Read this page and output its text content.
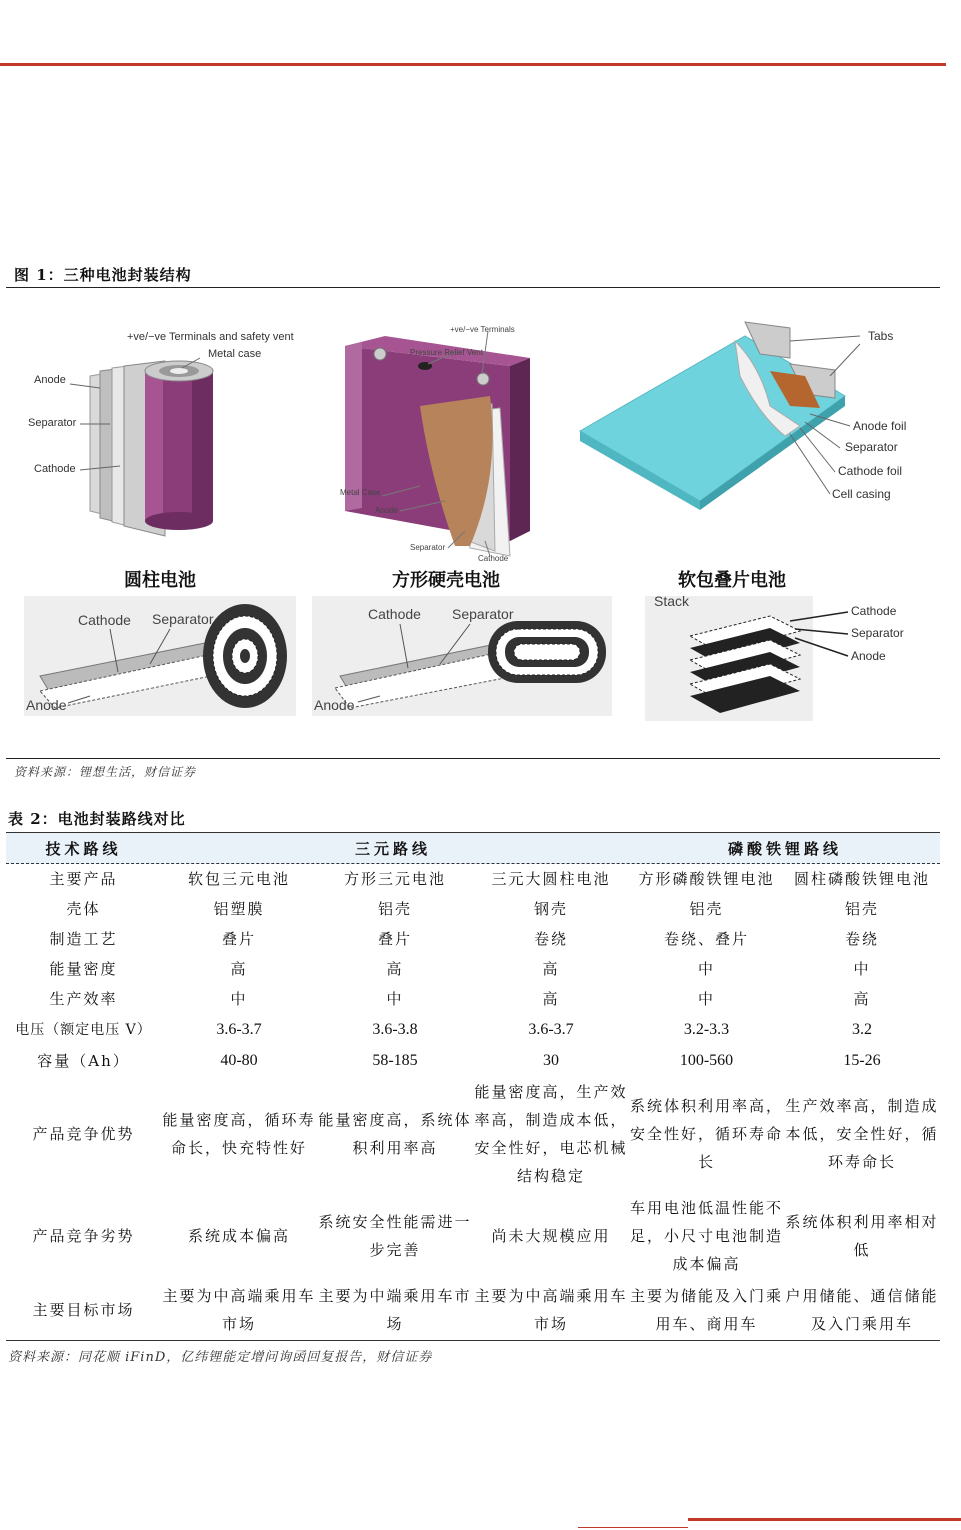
图 1：三种电池封装结构
+ve/−ve Terminals and safety vent
Metal case
Anode
Separator
Cathode
圆柱电池
Cathode Separator
Anode
+ve/−ve Terminals
Pressure Relief Vent
Metal Case
Anode
Separator
Cathode
方形硬壳电池
Cathode Separator
Anode
Tabs
Anode foil
Separator
Cathode foil
Cell casing
软包叠片电池
Stack
Cathode
Separator
Anode
资料来源：锂想生活，财信证券
表 2：电池封装路线对比
技术路线	三元路线	磷酸铁锂路线
主要产品	软包三元电池	方形三元电池	三元大圆柱电池	方形磷酸铁锂电池	圆柱磷酸铁锂电池
壳体	铝塑膜	铝壳	钢壳	铝壳	铝壳
制造工艺	叠片	叠片	卷绕	卷绕、叠片	卷绕
能量密度	高	高	高	中	中
生产效率	中	中	高	中	高
电压（额定电压 V）	3.6-3.7	3.6-3.8	3.6-3.7	3.2-3.3	3.2
容量（Ah）	40-80	58-185	30	100-560	15-26
产品竞争优势	能量密度高，循环寿命长，快充特性好	能量密度高，系统体积利用率高	能量密度高，生产效率高，制造成本低，安全性好，电芯机械结构稳定	系统体积利用率高，安全性好，循环寿命长	生产效率高，制造成本低，安全性好，循环寿命长
产品竞争劣势	系统成本偏高	系统安全性能需进一步完善	尚未大规模应用	车用电池低温性能不足，小尺寸电池制造成本偏高	系统体积利用率相对低
主要目标市场	主要为中高端乘用车市场	主要为中端乘用车市场	主要为中高端乘用车市场	主要为储能及入门乘用车、商用车	户用储能、通信储能及入门乘用车
资料来源：同花顺 iFinD，亿纬锂能定增问询函回复报告，财信证券
